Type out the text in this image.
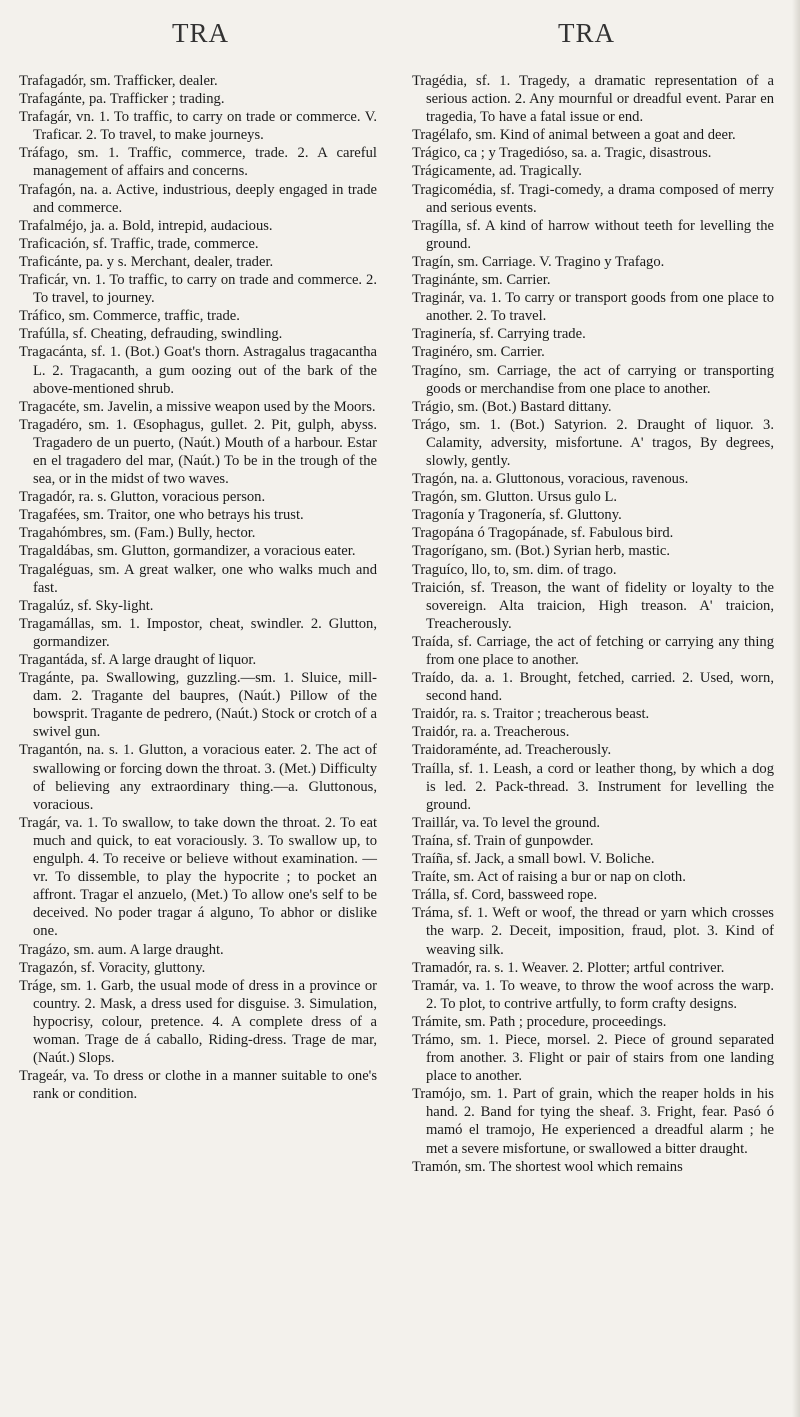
TRA	TRA

Trafagadór, sm. Trafficker, dealer.

Trafagánte, pa. Trafficker ; trading.

Trafagár, vn. 1. To traffic, to carry on trade or commerce. V. Traficar. 2. To travel, to make journeys.

Tráfago, sm. 1. Traffic, commerce, trade. 2. A careful management of affairs and concerns.

Trafagón, na. a. Active, industrious, deeply engaged in trade and commerce.

Trafalméjo, ja. a. Bold, intrepid, audacious.

Traficación, sf. Traffic, trade, commerce.

Traficánte, pa. y s. Merchant, dealer, trader.

Traficár, vn. 1. To traffic, to carry on trade and commerce. 2. To travel, to journey.

Tráfico, sm. Commerce, traffic, trade.

Trafúlla, sf. Cheating, defrauding, swindling.

Tragacánta, sf. 1. (Bot.) Goat's thorn. Astragalus tragacantha L. 2. Tragacanth, a gum oozing out of the bark of the above-mentioned shrub.

Tragacéte, sm. Javelin, a missive weapon used by the Moors.

Tragadéro, sm. 1. Œsophagus, gullet. 2. Pit, gulph, abyss. Tragadero de un puerto, (Naút.) Mouth of a harbour. Estar en el tragadero del mar, (Naút.) To be in the trough of the sea, or in the midst of two waves.

Tragadór, ra. s. Glutton, voracious person.

Tragafées, sm. Traitor, one who betrays his trust.

Tragahómbres, sm. (Fam.) Bully, hector.

Tragaldábas, sm. Glutton, gormandizer, a voracious eater.

Tragaléguas, sm. A great walker, one who walks much and fast.

Tragalúz, sf. Sky-light.

Tragamállas, sm. 1. Impostor, cheat, swindler. 2. Glutton, gormandizer.

Tragantáda, sf. A large draught of liquor.

Tragánte, pa. Swallowing, guzzling.—sm. 1. Sluice, mill-dam. 2. Tragante del baupres, (Naút.) Pillow of the bowsprit. Tragante de pedrero, (Naút.) Stock or crotch of a swivel gun.

Tragantón, na. s. 1. Glutton, a voracious eater. 2. The act of swallowing or forcing down the throat. 3. (Met.) Difficulty of believing any extraordinary thing.—a. Gluttonous, voracious.

Tragár, va. 1. To swallow, to take down the throat. 2. To eat much and quick, to eat voraciously. 3. To swallow up, to engulph. 4. To receive or believe without examination. —vr. To dissemble, to play the hypocrite ; to pocket an affront. Tragar el anzuelo, (Met.) To allow one's self to be deceived. No poder tragar á alguno, To abhor or dislike one.

Tragázo, sm. aum. A large draught.

Tragazón, sf. Voracity, gluttony.

Tráge, sm. 1. Garb, the usual mode of dress in a province or country. 2. Mask, a dress used for disguise. 3. Simulation, hypocrisy, colour, pretence. 4. A complete dress of a woman. Trage de á caballo, Riding-dress. Trage de mar, (Naút.) Slops.

Trageár, va. To dress or clothe in a manner suitable to one's rank or condition.

Tragédia, sf. 1. Tragedy, a dramatic representation of a serious action. 2. Any mournful or dreadful event. Parar en tragedia, To have a fatal issue or end.

Tragélafo, sm. Kind of animal between a goat and deer.

Trágico, ca ; y Tragedióso, sa. a. Tragic, disastrous.

Trágicamente, ad. Tragically.

Tragicomédia, sf. Tragi-comedy, a drama composed of merry and serious events.

Tragílla, sf. A kind of harrow without teeth for levelling the ground.

Tragín, sm. Carriage. V. Tragino y Trafago.

Traginánte, sm. Carrier.

Traginár, va. 1. To carry or transport goods from one place to another. 2. To travel.

Traginería, sf. Carrying trade.

Traginéro, sm. Carrier.

Tragíno, sm. Carriage, the act of carrying or transporting goods or merchandise from one place to another.

Trágio, sm. (Bot.) Bastard dittany.

Trágo, sm. 1. (Bot.) Satyrion. 2. Draught of liquor. 3. Calamity, adversity, misfortune. A' tragos, By degrees, slowly, gently.

Tragón, na. a. Gluttonous, voracious, ravenous.

Tragón, sm. Glutton. Ursus gulo L.

Tragonía y Tragonería, sf. Gluttony.

Tragopána ó Tragopánade, sf. Fabulous bird.

Tragorígano, sm. (Bot.) Syrian herb, mastic.

Traguíco, llo, to, sm. dim. of trago.

Traición, sf. Treason, the want of fidelity or loyalty to the sovereign. Alta traicion, High treason. A' traicion, Treacherously.

Traída, sf. Carriage, the act of fetching or carrying any thing from one place to another.

Traído, da. a. 1. Brought, fetched, carried. 2. Used, worn, second hand.

Traidór, ra. s. Traitor ; treacherous beast.

Traidór, ra. a. Treacherous.

Traidoraménte, ad. Treacherously.

Traílla, sf. 1. Leash, a cord or leather thong, by which a dog is led. 2. Pack-thread. 3. Instrument for levelling the ground.

Traillár, va. To level the ground.

Traína, sf. Train of gunpowder.

Traíña, sf. Jack, a small bowl. V. Boliche.

Traíte, sm. Act of raising a bur or nap on cloth.

Trálla, sf. Cord, bassweed rope.

Tráma, sf. 1. Weft or woof, the thread or yarn which crosses the warp. 2. Deceit, imposition, fraud, plot. 3. Kind of weaving silk.

Tramadór, ra. s. 1. Weaver. 2. Plotter; artful contriver.

Tramár, va. 1. To weave, to throw the woof across the warp. 2. To plot, to contrive artfully, to form crafty designs.

Trámite, sm. Path ; procedure, proceedings.

Trámo, sm. 1. Piece, morsel. 2. Piece of ground separated from another. 3. Flight or pair of stairs from one landing place to another.

Tramójo, sm. 1. Part of grain, which the reaper holds in his hand. 2. Band for tying the sheaf. 3. Fright, fear. Pasó ó mamó el tramojo, He experienced a dreadful alarm ; he met a severe misfortune, or swallowed a bitter draught.

Tramón, sm. The shortest wool which remains
